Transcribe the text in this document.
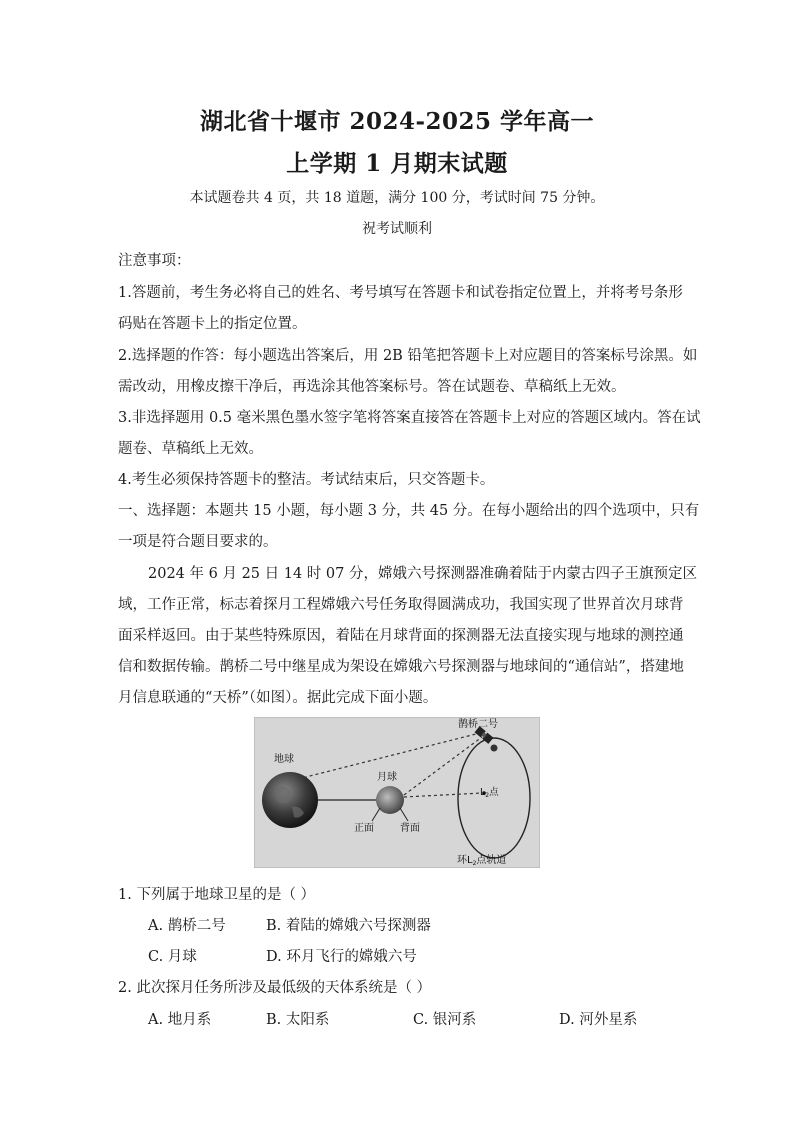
湖北省十堰市 2024-2025 学年高一
上学期 1 月期末试题
本试题卷共 4 页，共 18 道题，满分 100 分，考试时间 75 分钟。
祝考试顺利
注意事项：
1.答题前，考生务必将自己的姓名、考号填写在答题卡和试卷指定位置上，并将考号条形
码贴在答题卡上的指定位置。
2.选择题的作答：每小题选出答案后，用 2B 铅笔把答题卡上对应题目的答案标号涂黑。如
需改动，用橡皮擦干净后，再选涂其他答案标号。答在试题卷、草稿纸上无效。
3.非选择题用 0.5 毫米黑色墨水签字笔将答案直接答在答题卡上对应的答题区域内。答在试
题卷、草稿纸上无效。
4.考生必须保持答题卡的整洁。考试结束后，只交答题卡。
一、选择题：本题共 15 小题，每小题 3 分，共 45 分。在每小题给出的四个选项中，只有
一项是符合题目要求的。
2024 年 6 月 25 日 14 时 07 分，嫦娥六号探测器准确着陆于内蒙古四子王旗预定区
域，工作正常，标志着探月工程嫦娥六号任务取得圆满成功，我国实现了世界首次月球背
面采样返回。由于某些特殊原因，着陆在月球背面的探测器无法直接实现与地球的测控通
信和数据传输。鹊桥二号中继星成为架设在嫦娥六号探测器与地球间的“通信站”，搭建地
月信息联通的“天桥”（如图）。据此完成下面小题。
鹊桥二号
地球
月球
$L_2$点
正面	背面
环$L_2$点轨道
1. 下列属于地球卫星的是（ ）
A. 鹊桥二号	B. 着陆的嫦娥六号探测器
C. 月球	D. 环月飞行的嫦娥六号
2. 此次探月任务所涉及最低级的天体系统是（ ）
A. 地月系	B. 太阳系	C. 银河系	D. 河外星系
